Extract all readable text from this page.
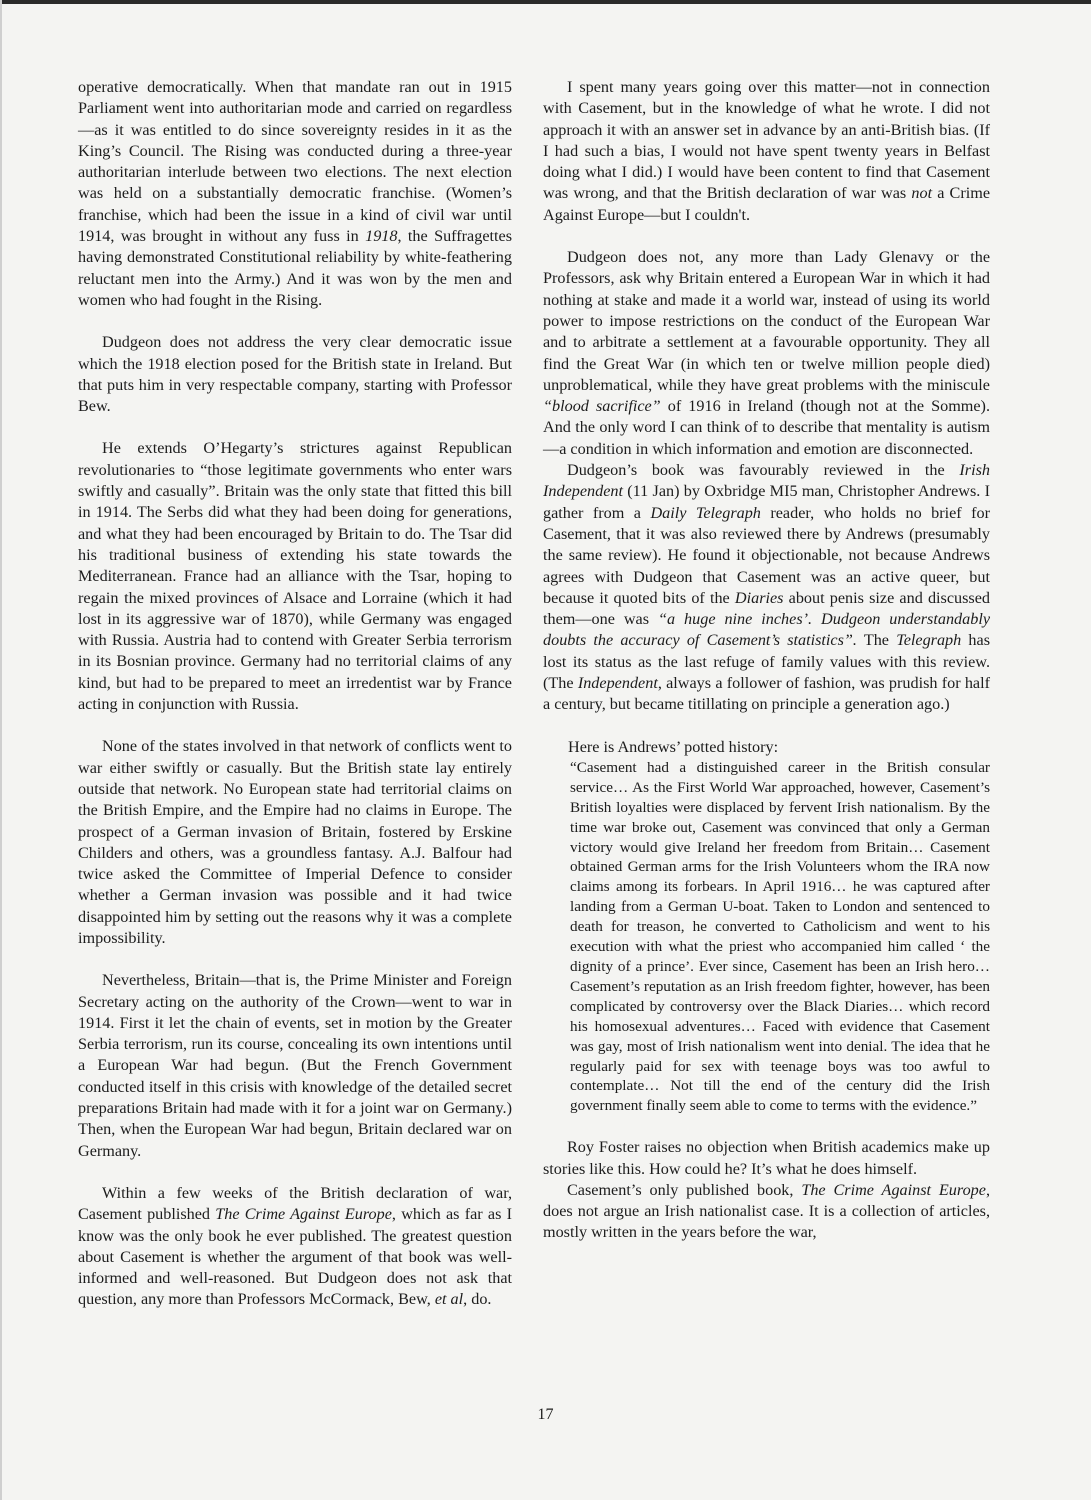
operative democratically. When that mandate ran out in 1915 Parliament went into authoritarian mode and carried on regardless—as it was entitled to do since sovereignty resides in it as the King’s Council. The Rising was conducted during a three-year authoritarian interlude between two elections. The next election was held on a substantially democratic franchise. (Women’s franchise, which had been the issue in a kind of civil war until 1914, was brought in without any fuss in 1918, the Suffragettes having demonstrated Constitutional reliability by white-feathering reluctant men into the Army.) And it was won by the men and women who had fought in the Rising.

Dudgeon does not address the very clear democratic issue which the 1918 election posed for the British state in Ireland. But that puts him in very respectable company, starting with Professor Bew.

He extends O’Hegarty’s strictures against Republican revolutionaries to “those legitimate governments who enter wars swiftly and casually”. Britain was the only state that fitted this bill in 1914. The Serbs did what they had been doing for generations, and what they had been encouraged by Britain to do. The Tsar did his traditional business of extending his state towards the Mediterranean. France had an alliance with the Tsar, hoping to regain the mixed provinces of Alsace and Lorraine (which it had lost in its aggressive war of 1870), while Germany was engaged with Russia. Austria had to contend with Greater Serbia terrorism in its Bosnian province. Germany had no territorial claims of any kind, but had to be prepared to meet an irredentist war by France acting in conjunction with Russia.

None of the states involved in that network of conflicts went to war either swiftly or casually. But the British state lay entirely outside that network. No European state had territorial claims on the British Empire, and the Empire had no claims in Europe. The prospect of a German invasion of Britain, fostered by Erskine Childers and others, was a groundless fantasy. A.J. Balfour had twice asked the Committee of Imperial Defence to consider whether a German invasion was possible and it had twice disappointed him by setting out the reasons why it was a complete impossibility.

Nevertheless, Britain—that is, the Prime Minister and Foreign Secretary acting on the authority of the Crown—went to war in 1914. First it let the chain of events, set in motion by the Greater Serbia terrorism, run its course, concealing its own intentions until a European War had begun. (But the French Government conducted itself in this crisis with knowledge of the detailed secret preparations Britain had made with it for a joint war on Germany.) Then, when the European War had begun, Britain declared war on Germany.

Within a few weeks of the British declaration of war, Casement published The Crime Against Europe, which as far as I know was the only book he ever published. The greatest question about Casement is whether the argument of that book was well-informed and well-reasoned. But Dudgeon does not ask that question, any more than Professors McCormack, Bew, et al, do.

I spent many years going over this matter—not in connection with Casement, but in the knowledge of what he wrote. I did not approach it with an answer set in advance by an anti-British bias. (If I had such a bias, I would not have spent twenty years in Belfast doing what I did.) I would have been content to find that Casement was wrong, and that the British declaration of war was not a Crime Against Europe—but I couldn't.

Dudgeon does not, any more than Lady Glenavy or the Professors, ask why Britain entered a European War in which it had nothing at stake and made it a world war, instead of using its world power to impose restrictions on the conduct of the European War and to arbitrate a settlement at a favourable opportunity. They all find the Great War (in which ten or twelve million people died) unproblematical, while they have great problems with the miniscule “blood sacrifice” of 1916 in Ireland (though not at the Somme). And the only word I can think of to describe that mentality is autism—a condition in which information and emotion are disconnected.

Dudgeon’s book was favourably reviewed in the Irish Independent (11 Jan) by Oxbridge MI5 man, Christopher Andrews. I gather from a Daily Telegraph reader, who holds no brief for Casement, that it was also reviewed there by Andrews (presumably the same review). He found it objectionable, not because Andrews agrees with Dudgeon that Casement was an active queer, but because it quoted bits of the Diaries about penis size and discussed them—one was “a huge nine inches’. Dudgeon understandably doubts the accuracy of Casement’s statistics”. The Telegraph has lost its status as the last refuge of family values with this review. (The Independent, always a follower of fashion, was prudish for half a century, but became titillating on principle a generation ago.)

Here is Andrews’ potted history:

“Casement had a distinguished career in the British consular service… As the First World War approached, however, Casement’s British loyalties were displaced by fervent Irish nationalism. By the time war broke out, Casement was convinced that only a German victory would give Ireland her freedom from Britain… Casement obtained German arms for the Irish Volunteers whom the IRA now claims among its forbears. In April 1916… he was captured after landing from a German U-boat. Taken to London and sentenced to death for treason, he converted to Catholicism and went to his execution with what the priest who accompanied him called ‘ the dignity of a prince’. Ever since, Casement has been an Irish hero… Casement’s reputation as an Irish freedom fighter, however, has been complicated by controversy over the Black Diaries… which record his homosexual adventures… Faced with evidence that Casement was gay, most of Irish nationalism went into denial. The idea that he regularly paid for sex with teenage boys was too awful to contemplate… Not till the end of the century did the Irish government finally seem able to come to terms with the evidence.”

Roy Foster raises no objection when British academics make up stories like this. How could he? It’s what he does himself.

Casement’s only published book, The Crime Against Europe, does not argue an Irish nationalist case. It is a collection of articles, mostly written in the years before the war,

17
